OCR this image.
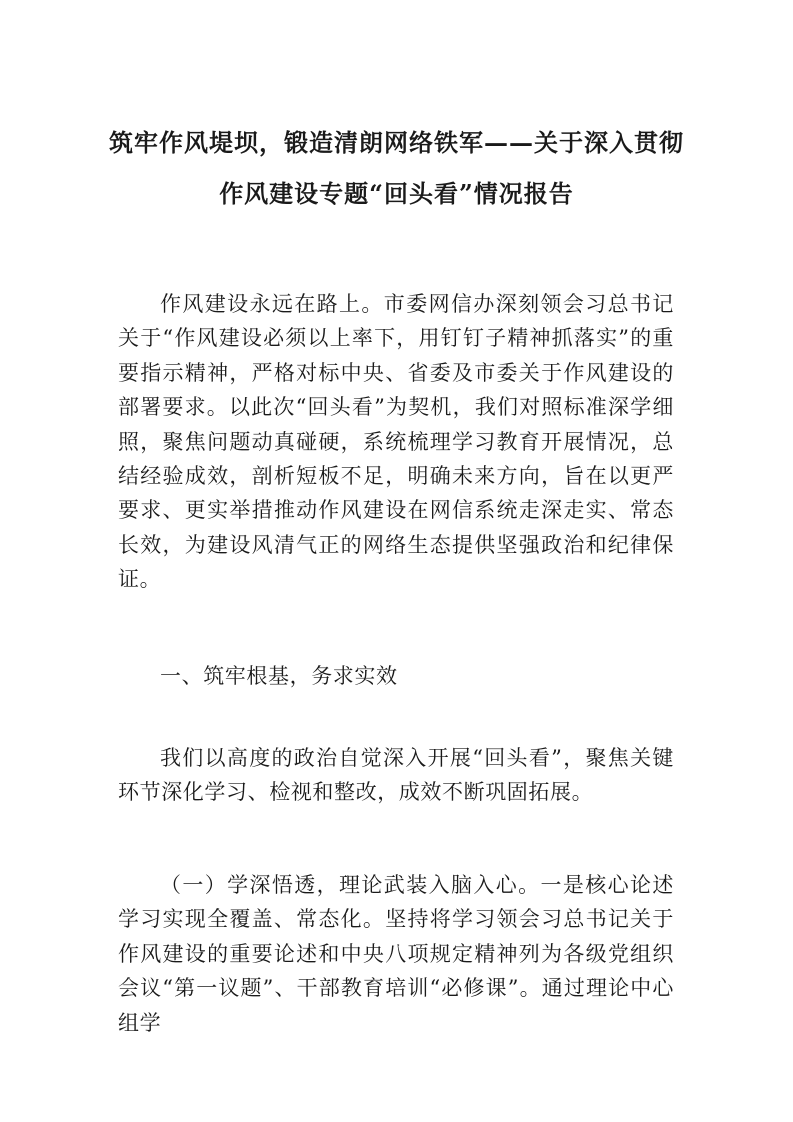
筑牢作风堤坝，锻造清朗网络铁军——关于深入贯彻
作风建设专题“回头看”情况报告

作风建设永远在路上。市委网信办深刻领会习总书记关于“作风建设必须以上率下，用钉钉子精神抓落实”的重要指示精神，严格对标中央、省委及市委关于作风建设的部署要求。以此次“回头看”为契机，我们对照标准深学细照，聚焦问题动真碰硬，系统梳理学习教育开展情况，总结经验成效，剖析短板不足，明确未来方向，旨在以更严要求、更实举措推动作风建设在网信系统走深走实、常态长效，为建设风清气正的网络生态提供坚强政治和纪律保证。

一、筑牢根基，务求实效

我们以高度的政治自觉深入开展“回头看”，聚焦关键环节深化学习、检视和整改，成效不断巩固拓展。

（一）学深悟透，理论武装入脑入心。一是核心论述学习实现全覆盖、常态化。坚持将学习领会习总书记关于作风建设的重要论述和中央八项规定精神列为各级党组织会议“第一议题”、干部教育培训“必修课”。通过理论中心组学
